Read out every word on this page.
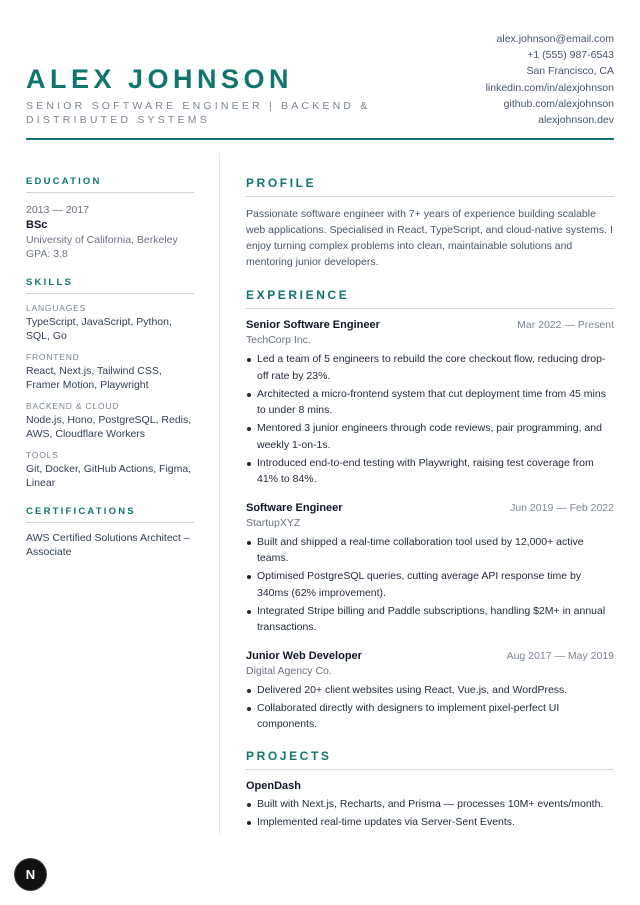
ALEX JOHNSON
SENIOR SOFTWARE ENGINEER | BACKEND & DISTRIBUTED SYSTEMS
alex.johnson@email.com
+1 (555) 987-6543
San Francisco, CA
linkedin.com/in/alexjohnson
github.com/alexjohnson
alexjohnson.dev
EDUCATION
2013 — 2017
BSc
University of California, Berkeley
GPA: 3.8
SKILLS
LANGUAGES
TypeScript, JavaScript, Python, SQL, Go
FRONTEND
React, Next.js, Tailwind CSS, Framer Motion, Playwright
BACKEND & CLOUD
Node.js, Hono, PostgreSQL, Redis, AWS, Cloudflare Workers
TOOLS
Git, Docker, GitHub Actions, Figma, Linear
CERTIFICATIONS
AWS Certified Solutions Architect – Associate
PROFILE
Passionate software engineer with 7+ years of experience building scalable web applications. Specialised in React, TypeScript, and cloud-native systems. I enjoy turning complex problems into clean, maintainable solutions and mentoring junior developers.
EXPERIENCE
Senior Software Engineer	Mar 2022 — Present
TechCorp Inc.
Led a team of 5 engineers to rebuild the core checkout flow, reducing drop-off rate by 23%.
Architected a micro-frontend system that cut deployment time from 45 mins to under 8 mins.
Mentored 3 junior engineers through code reviews, pair programming, and weekly 1-on-1s.
Introduced end-to-end testing with Playwright, raising test coverage from 41% to 84%.
Software Engineer	Jun 2019 — Feb 2022
StartupXYZ
Built and shipped a real-time collaboration tool used by 12,000+ active teams.
Optimised PostgreSQL queries, cutting average API response time by 340ms (62% improvement).
Integrated Stripe billing and Paddle subscriptions, handling $2M+ in annual transactions.
Junior Web Developer	Aug 2017 — May 2019
Digital Agency Co.
Delivered 20+ client websites using React, Vue.js, and WordPress.
Collaborated directly with designers to implement pixel-perfect UI components.
PROJECTS
OpenDash
Built with Next.js, Recharts, and Prisma — processes 10M+ events/month.
Implemented real-time updates via Server-Sent Events.
N
